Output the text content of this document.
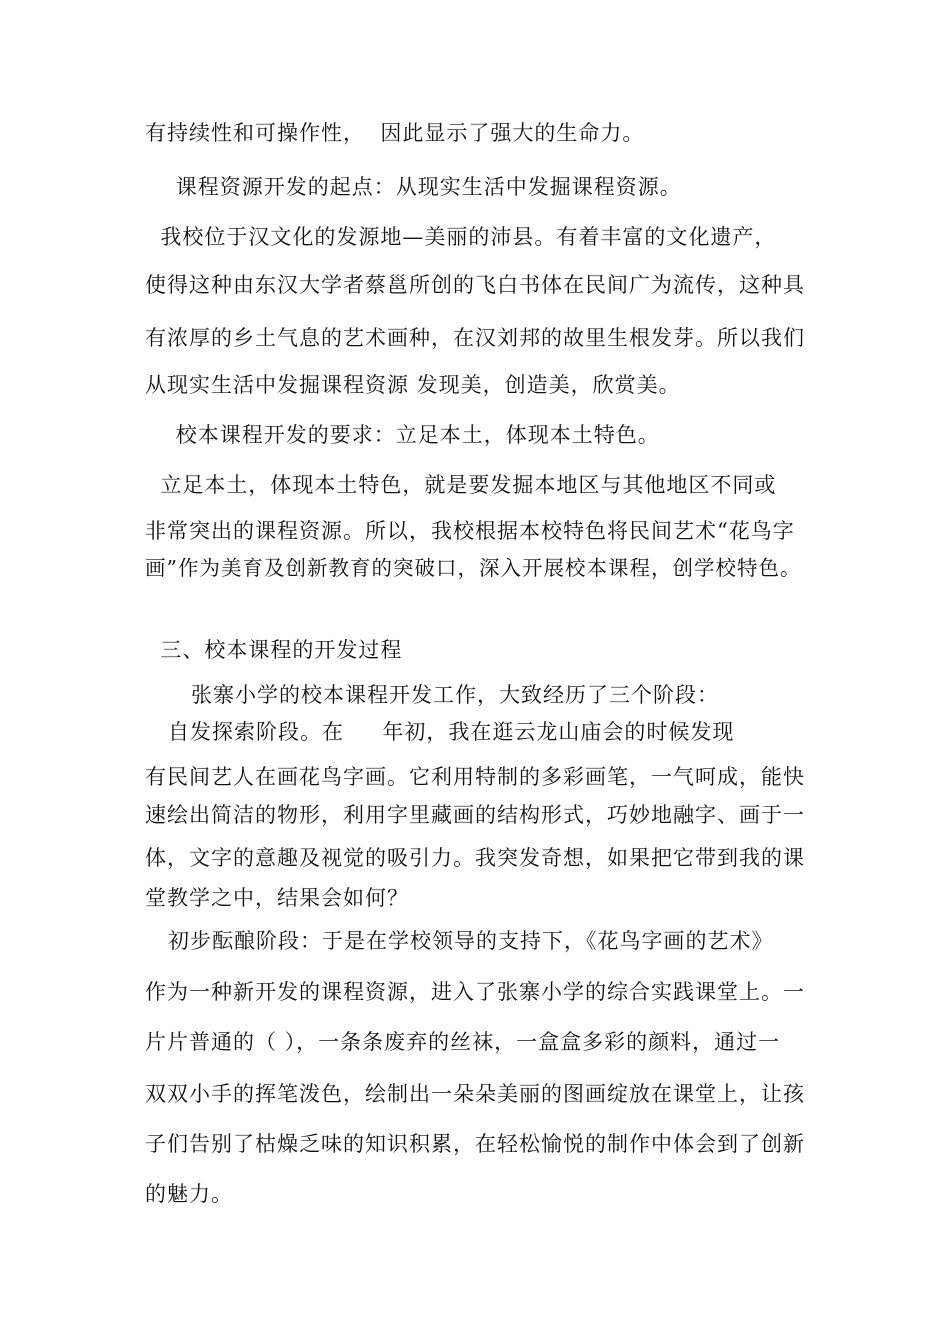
有持续性和可操作性，  因此显示了强大的生命力。
课程资源开发的起点：从现实生活中发掘课程资源。
我校位于汉文化的发源地—美丽的沛县。有着丰富的文化遗产，
使得这种由东汉大学者蔡邕所创的飞白书体在民间广为流传，这种具
有浓厚的乡土气息的艺术画种，在汉刘邦的故里生根发芽。所以我们
从现实生活中发掘课程资源 发现美，创造美，欣赏美。
校本课程开发的要求：立足本土，体现本土特色。
立足本土，体现本土特色，就是要发掘本地区与其他地区不同或
非常突出的课程资源。所以，我校根据本校特色将民间艺术“花鸟字
画”作为美育及创新教育的突破口，深入开展校本课程，创学校特色。
三、校本课程的开发过程
张寨小学的校本课程开发工作，大致经历了三个阶段：
自发探索阶段。在     年初，我在逛云龙山庙会的时候发现
有民间艺人在画花鸟字画。它利用特制的多彩画笔，一气呵成，能快
速绘出简洁的物形，利用字里藏画的结构形式，巧妙地融字、画于一
体，文字的意趣及视觉的吸引力。我突发奇想，如果把它带到我的课
堂教学之中，结果会如何？
初步酝酿阶段：于是在学校领导的支持下，《花鸟字画的艺术》
作为一种新开发的课程资源，进入了张寨小学的综合实践课堂上。一
片片普通的（ ），一条条废弃的丝袜，一盒盒多彩的颜料，通过一
双双小手的挥笔泼色，绘制出一朵朵美丽的图画绽放在课堂上，让孩
子们告别了枯燥乏味的知识积累，在轻松愉悦的制作中体会到了创新
的魅力。
